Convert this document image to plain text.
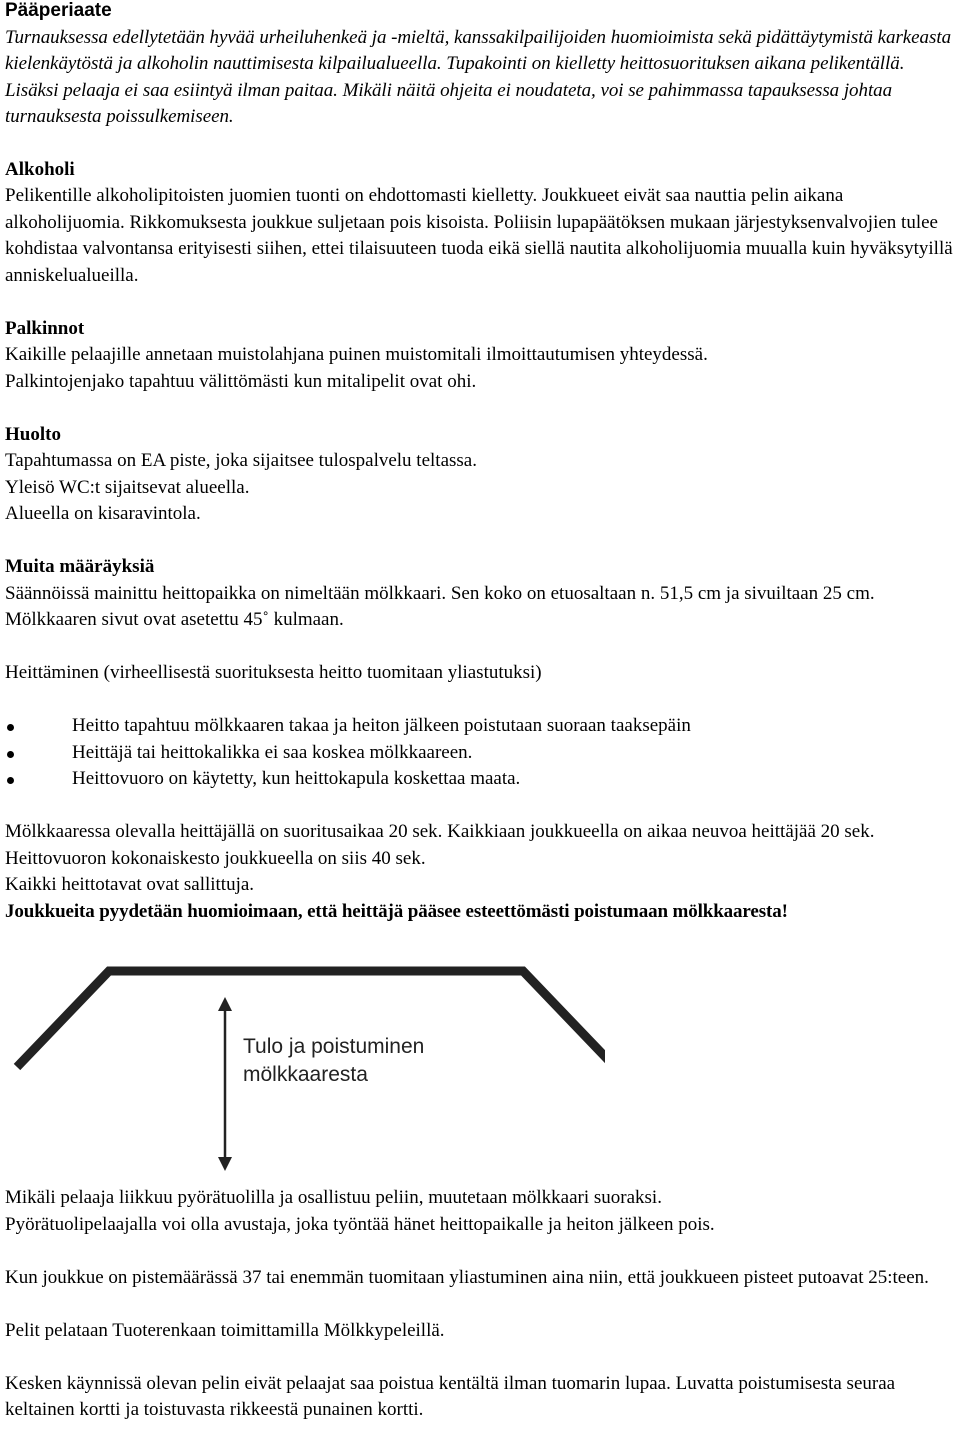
Pääperiaate

Turnauksessa edellytetään hyvää urheiluhenkeä ja -mieltä, kanssakilpailijoiden huomioimista sekä pidättäytymistä karkeasta kielenkäytöstä ja alkoholin nauttimisesta kilpailualueella. Tupakointi on kielletty heittosuorituksen aikana pelikentällä. Lisäksi pelaaja ei saa esiintyä ilman paitaa. Mikäli näitä ohjeita ei noudateta, voi se pahimmassa tapauksessa johtaa turnauksesta poissulkemiseen.

Alkoholi

Pelikentille alkoholipitoisten juomien tuonti on ehdottomasti kielletty. Joukkueet eivät saa nauttia pelin aikana alkoholijuomia. Rikkomuksesta joukkue suljetaan pois kisoista. Poliisin lupapäätöksen mukaan järjestyksenvalvojien tulee kohdistaa valvontansa erityisesti siihen, ettei tilaisuuteen tuoda eikä siellä nautita alkoholijuomia muualla kuin hyväksytyillä anniskelualueilla.

Palkinnot

Kaikille pelaajille annetaan muistolahjana puinen muistomitali ilmoittautumisen yhteydessä.

Palkintojenjako tapahtuu välittömästi kun mitalipelit ovat ohi.

Huolto

Tapahtumassa on EA piste, joka sijaitsee tulospalvelu teltassa.

Yleisö WC:t sijaitsevat alueella.

Alueella on kisaravintola.

Muita määräyksiä

Säännöissä mainittu heittopaikka on nimeltään mölkkaari. Sen koko on etuosaltaan n. 51,5 cm ja sivuiltaan 25 cm. Mölkkaaren sivut ovat asetettu 45˚ kulmaan.

Heittäminen (virheellisestä suorituksesta heitto tuomitaan yliastutuksi)

Heitto tapahtuu mölkkaaren takaa ja heiton jälkeen poistutaan suoraan taaksepäin
Heittäjä tai heittokalikka ei saa koskea mölkkaareen.
Heittovuoro on käytetty, kun heittokapula koskettaa maata.

Mölkkaaressa olevalla heittäjällä on suoritusaikaa 20 sek. Kaikkiaan joukkueella on aikaa neuvoa heittäjää 20 sek. Heittovuoron kokonaiskesto joukkueella on siis 40 sek.

Kaikki heittotavat ovat sallittuja.

Joukkueita pyydetään huomioimaan, että heittäjä pääsee esteettömästi poistumaan mölkkaaresta!

Tulo ja poistuminen
mölkkaaresta

Mikäli pelaaja liikkuu pyörätuolilla ja osallistuu peliin, muutetaan mölkkaari suoraksi.

Pyörätuolipelaajalla voi olla avustaja, joka työntää hänet heittopaikalle ja heiton jälkeen pois.

Kun joukkue on pistemäärässä 37 tai enemmän tuomitaan yliastuminen aina niin, että joukkueen pisteet putoavat 25:teen.

Pelit pelataan Tuoterenkaan toimittamilla Mölkkypeleillä.

Kesken käynnissä olevan pelin eivät pelaajat saa poistua kentältä ilman tuomarin lupaa. Luvatta poistumisesta seuraa keltainen kortti ja toistuvasta rikkeestä punainen kortti.
